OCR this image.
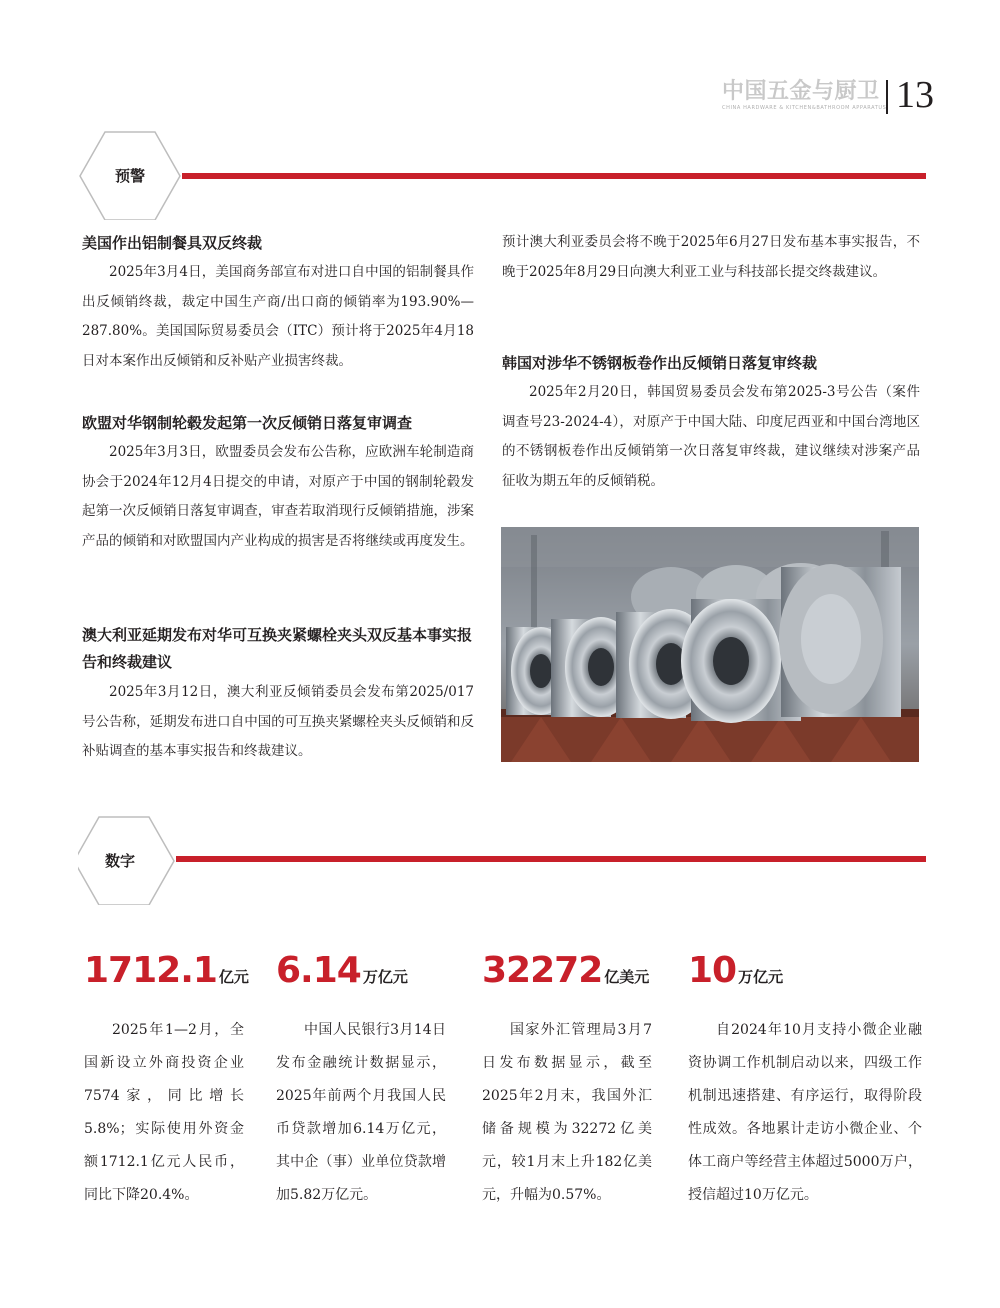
中国五金与厨卫
CHINA HARDWARE & KITCHEN&BATHROOM APPARATUS 13
预警
美国作出铝制餐具双反终裁

2025年3月4日，美国商务部宣布对进口自中国的铝制餐具作出反倾销终裁，裁定中国生产商/出口商的倾销率为193.90%—287.80%。美国国际贸易委员会（ITC）预计将于2025年4月18日对本案作出反倾销和反补贴产业损害终裁。

欧盟对华钢制轮毂发起第一次反倾销日落复审调查

2025年3月3日，欧盟委员会发布公告称，应欧洲车轮制造商协会于2024年12月4日提交的申请，对原产于中国的钢制轮毂发起第一次反倾销日落复审调查，审查若取消现行反倾销措施，涉案产品的倾销和对欧盟国内产业构成的损害是否将继续或再度发生。

澳大利亚延期发布对华可互换夹紧螺栓夹头双反基本事实报告和终裁建议

2025年3月12日，澳大利亚反倾销委员会发布第2025/017号公告称，延期发布进口自中国的可互换夹紧螺栓夹头反倾销和反补贴调查的基本事实报告和终裁建议。

预计澳大利亚委员会将不晚于2025年6月27日发布基本事实报告，不晚于2025年8月29日向澳大利亚工业与科技部长提交终裁建议。

韩国对涉华不锈钢板卷作出反倾销日落复审终裁

2025年2月20日，韩国贸易委员会发布第2025-3号公告（案件调查号23-2024-4），对原产于中国大陆、印度尼西亚和中国台湾地区的不锈钢板卷作出反倾销第一次日落复审终裁，建议继续对涉案产品征收为期五年的反倾销税。

数字
1712.1 亿元

2025年1—2月，全国新设立外商投资企业7574家，同比增长5.8%；实际使用外资金额1712.1亿元人民币，同比下降20.4%。

6.14 万亿元

中国人民银行3月14日发布金融统计数据显示，2025年前两个月我国人民币贷款增加6.14万亿元，其中企（事）业单位贷款增加5.82万亿元。

32272 亿美元

国家外汇管理局3月7日发布数据显示，截至2025年2月末，我国外汇储备规模为32272亿美元，较1月末上升182亿美元，升幅为0.57%。

10 万亿元

自2024年10月支持小微企业融资协调工作机制启动以来，四级工作机制迅速搭建、有序运行，取得阶段性成效。各地累计走访小微企业、个体工商户等经营主体超过5000万户，授信超过10万亿元。
